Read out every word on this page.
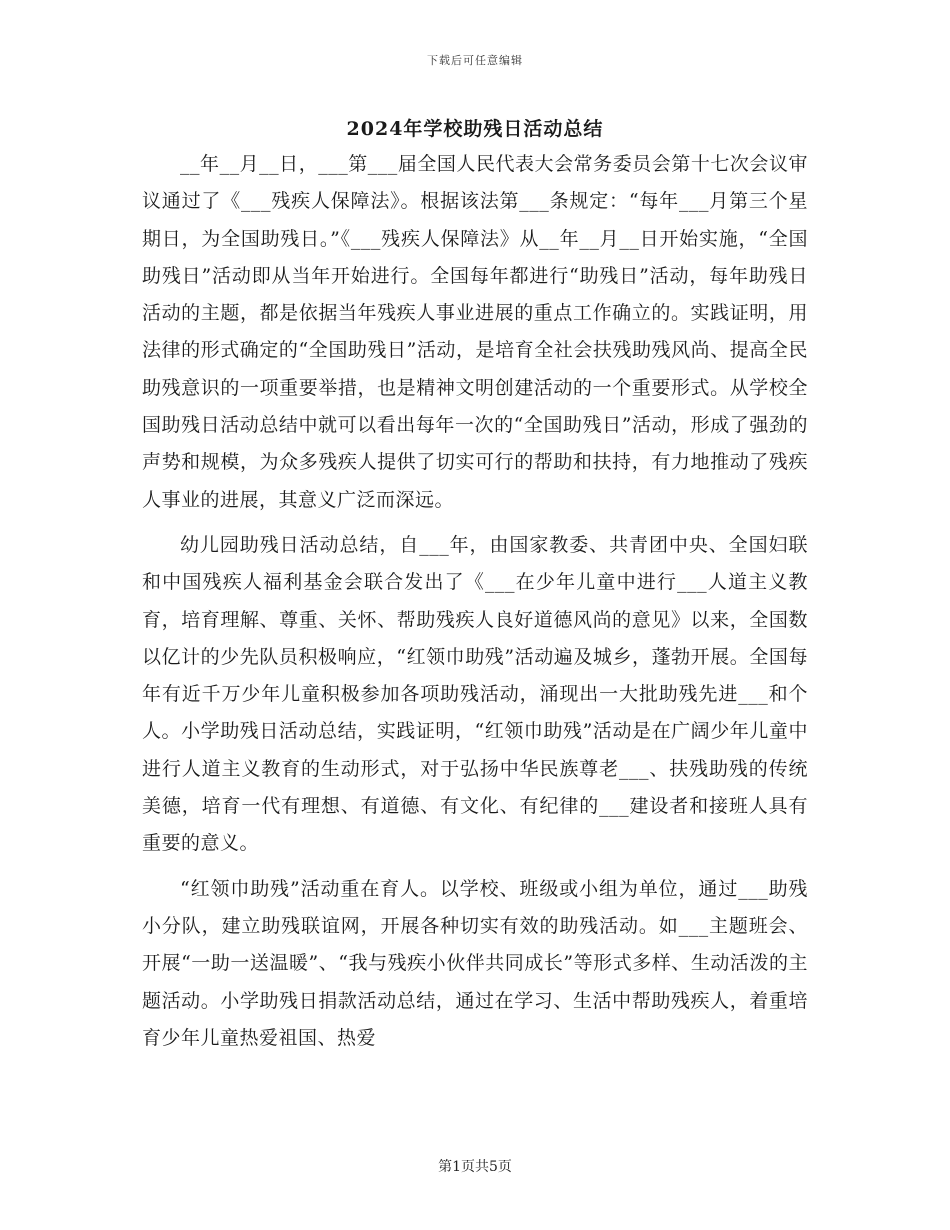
下载后可任意编辑
2024年学校助残日活动总结

__年__月__日，___第___届全国人民代表大会常务委员会第十七次会议审议通过了《___残疾人保障法》。根据该法第___条规定：“每年___月第三个星期日，为全国助残日。”《___残疾人保障法》从__年__月__日开始实施，“全国助残日”活动即从当年开始进行。全国每年都进行“助残日”活动，每年助残日活动的主题，都是依据当年残疾人事业进展的重点工作确立的。实践证明，用法律的形式确定的“全国助残日”活动，是培育全社会扶残助残风尚、提高全民助残意识的一项重要举措，也是精神文明创建活动的一个重要形式。从学校全国助残日活动总结中就可以看出每年一次的“全国助残日”活动，形成了强劲的声势和规模，为众多残疾人提供了切实可行的帮助和扶持，有力地推动了残疾人事业的进展，其意义广泛而深远。

幼儿园助残日活动总结，自___年，由国家教委、共青团中央、全国妇联和中国残疾人福利基金会联合发出了《___在少年儿童中进行___人道主义教育，培育理解、尊重、关怀、帮助残疾人良好道德风尚的意见》以来，全国数以亿计的少先队员积极响应，“红领巾助残”活动遍及城乡，蓬勃开展。全国每年有近千万少年儿童积极参加各项助残活动，涌现出一大批助残先进___和个人。小学助残日活动总结，实践证明，“红领巾助残”活动是在广阔少年儿童中进行人道主义教育的生动形式，对于弘扬中华民族尊老___、扶残助残的传统美德，培育一代有理想、有道德、有文化、有纪律的___建设者和接班人具有重要的意义。

“红领巾助残”活动重在育人。以学校、班级或小组为单位，通过___助残小分队，建立助残联谊网，开展各种切实有效的助残活动。如___主题班会、开展“一助一送温暖”、“我与残疾小伙伴共同成长”等形式多样、生动活泼的主题活动。小学助残日捐款活动总结，通过在学习、生活中帮助残疾人，着重培育少年儿童热爱祖国、热爱

第1页共5页
